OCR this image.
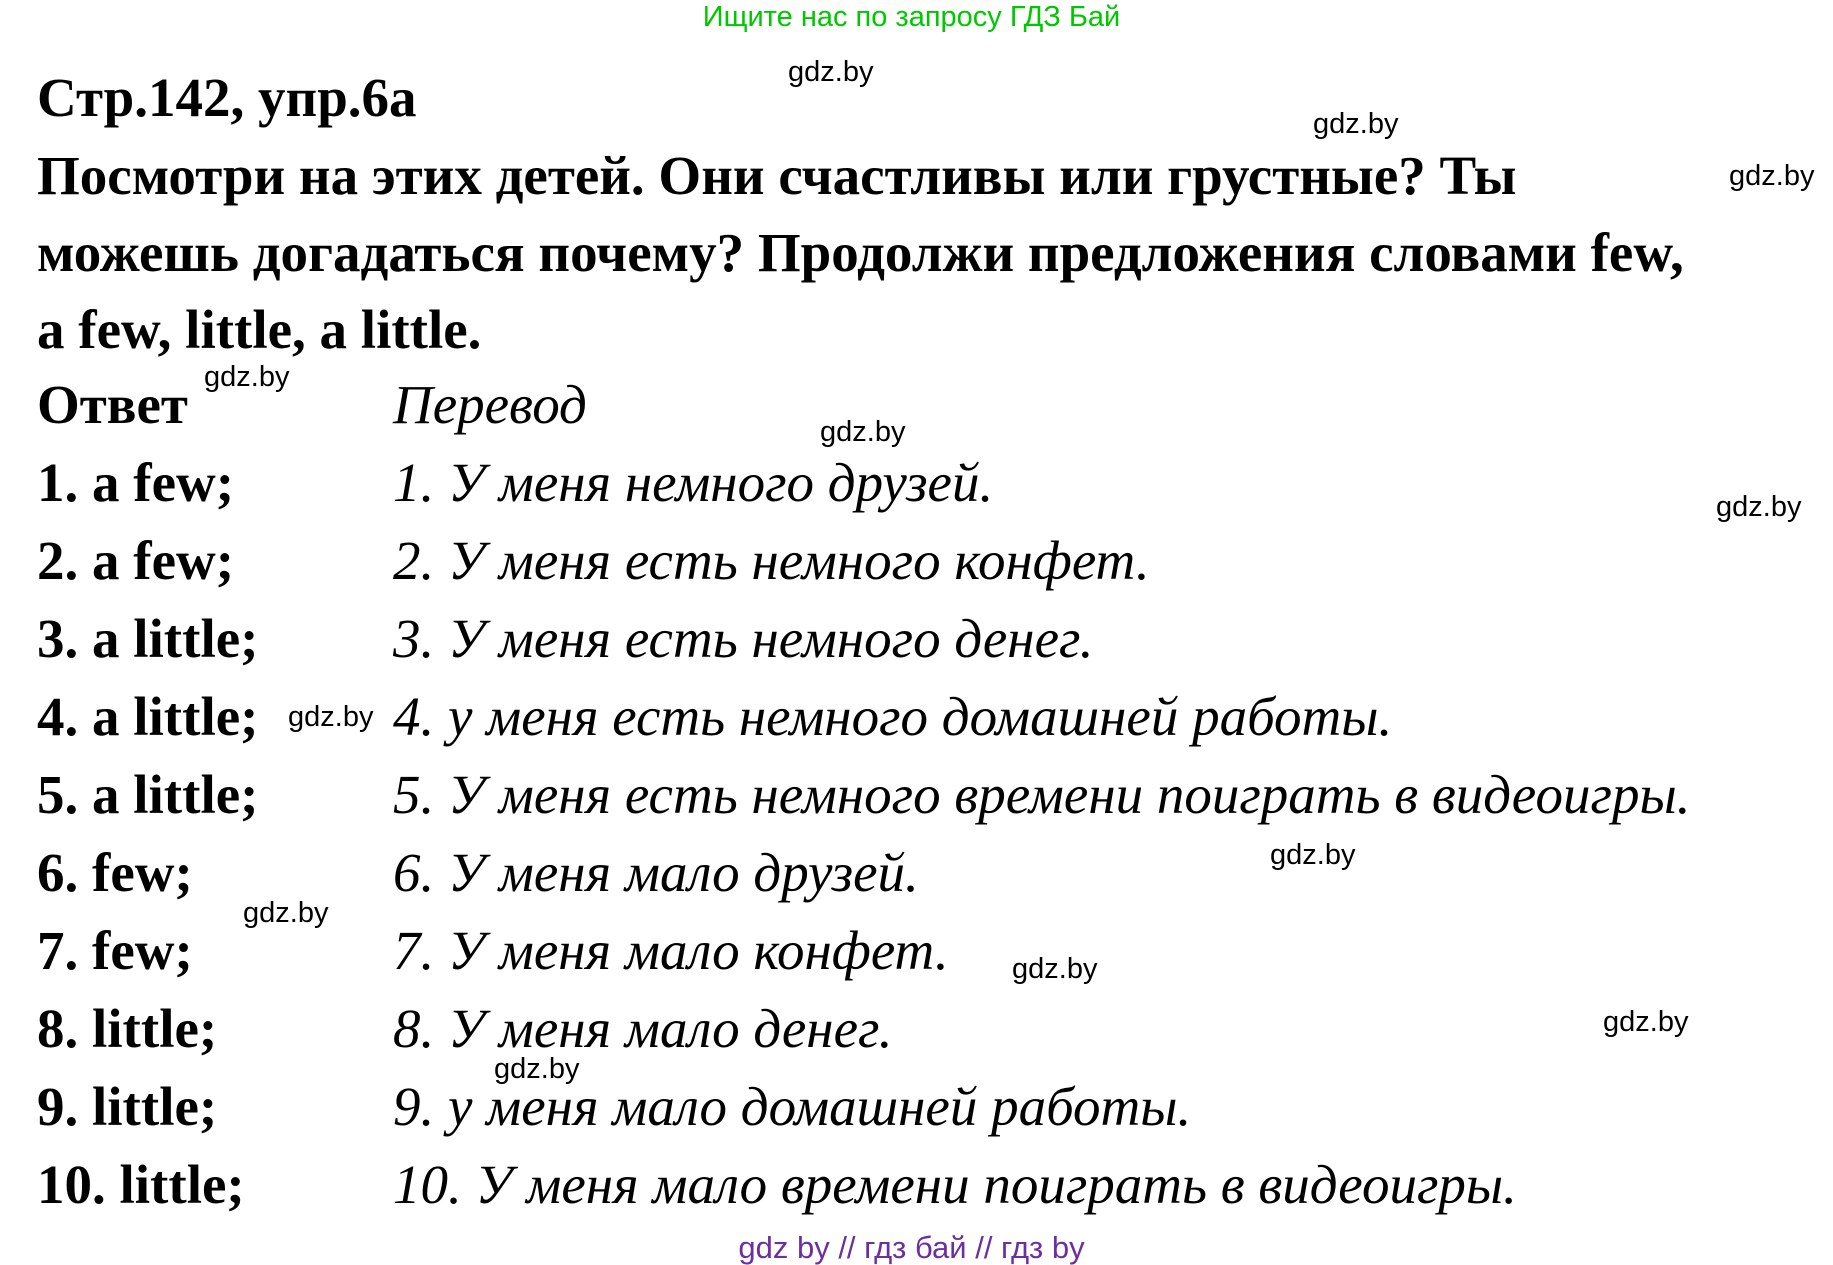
Ищите нас по запросу ГДЗ Бай
Стр.142, упр.6а
Посмотри на этих детей. Они счастливы или грустные? Ты
можешь догадаться почему? Продолжи предложения словами few,
a few, little, a little.
Ответ	Перевод
1. a few;	1. У меня немного друзей.
2. a few;	2. У меня есть немного конфет.
3. a little; 3. У меня есть немного денег.
4. a little; 4. у меня есть немного домашней работы.
5. a little; 5. У меня есть немного времени поиграть в видеоигры.
6. few;	6. У меня мало друзей.
7. few;	7. У меня мало конфет.
8. little;	8. У меня мало денег.
9. little;	9. у меня мало домашней работы.
10. little;	10. У меня мало времени поиграть в видеоигры.
gdz.by
gdz.by
gdz.by
gdz.by
gdz.by
gdz.by
gdz.by
gdz.by
gdz.by
gdz.by
gdz.by
gdz.by
gdz by // гдз бай // гдз by
